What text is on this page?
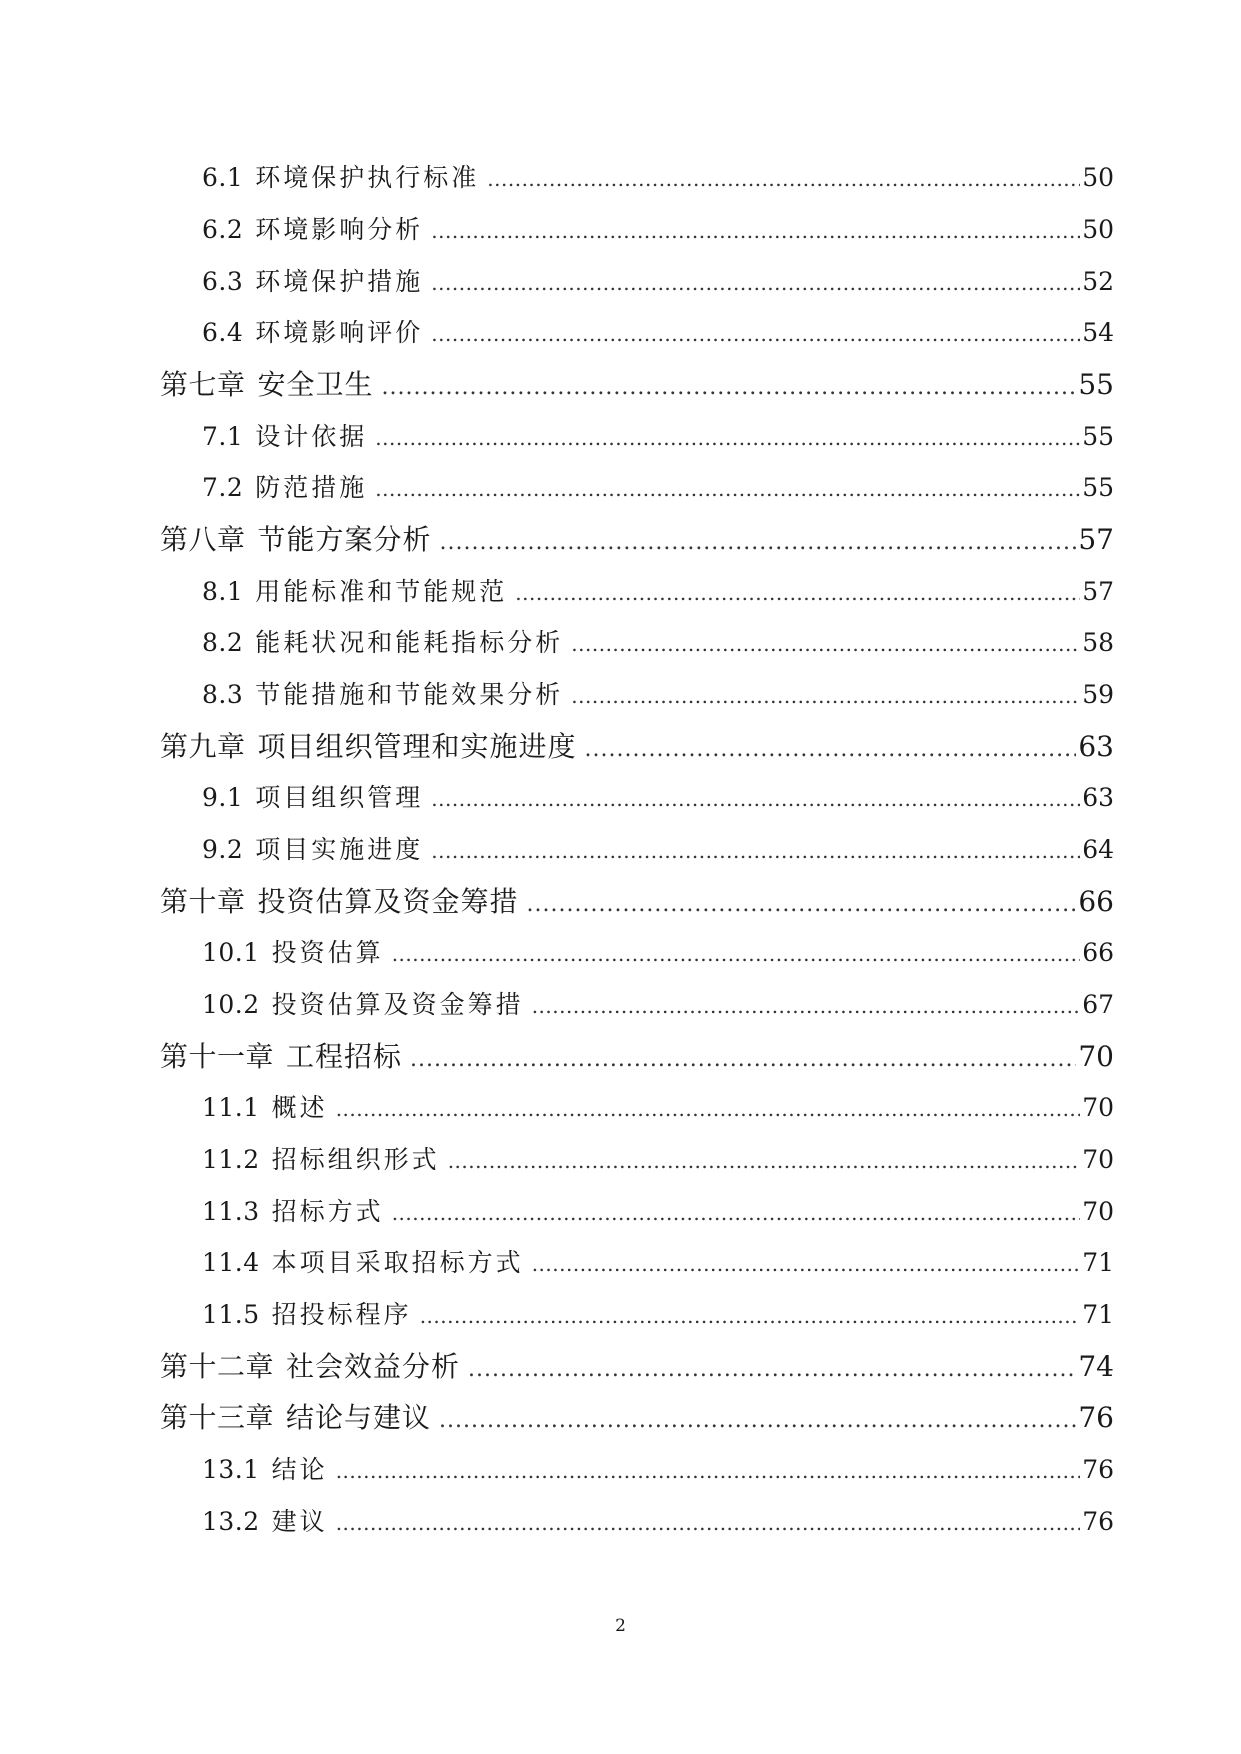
6.1 环境保护执行标准 .....	50
6.2 环境影响分析 .....	50
6.3 环境保护措施 .....	52
6.4 环境影响评价 .....	54
第七章 安全卫生 .....	55
7.1 设计依据 .....	55
7.2 防范措施 .....	55
第八章 节能方案分析 .....	57
8.1 用能标准和节能规范 .....	57
8.2 能耗状况和能耗指标分析 .....	58
8.3 节能措施和节能效果分析 .....	59
第九章 项目组织管理和实施进度 .....	63
9.1 项目组织管理 .....	63
9.2 项目实施进度 .....	64
第十章 投资估算及资金筹措 .....	66
10.1 投资估算 .....	66
10.2 投资估算及资金筹措 .....	67
第十一章 工程招标 .....	70
11.1 概述 .....	70
11.2 招标组织形式 .....	70
11.3 招标方式 .....	70
11.4 本项目采取招标方式 .....	71
11.5 招投标程序 .....	71
第十二章 社会效益分析 .....	74
第十三章 结论与建议 .....	76
13.1 结论 .....	76
13.2 建议 .....	76
2
